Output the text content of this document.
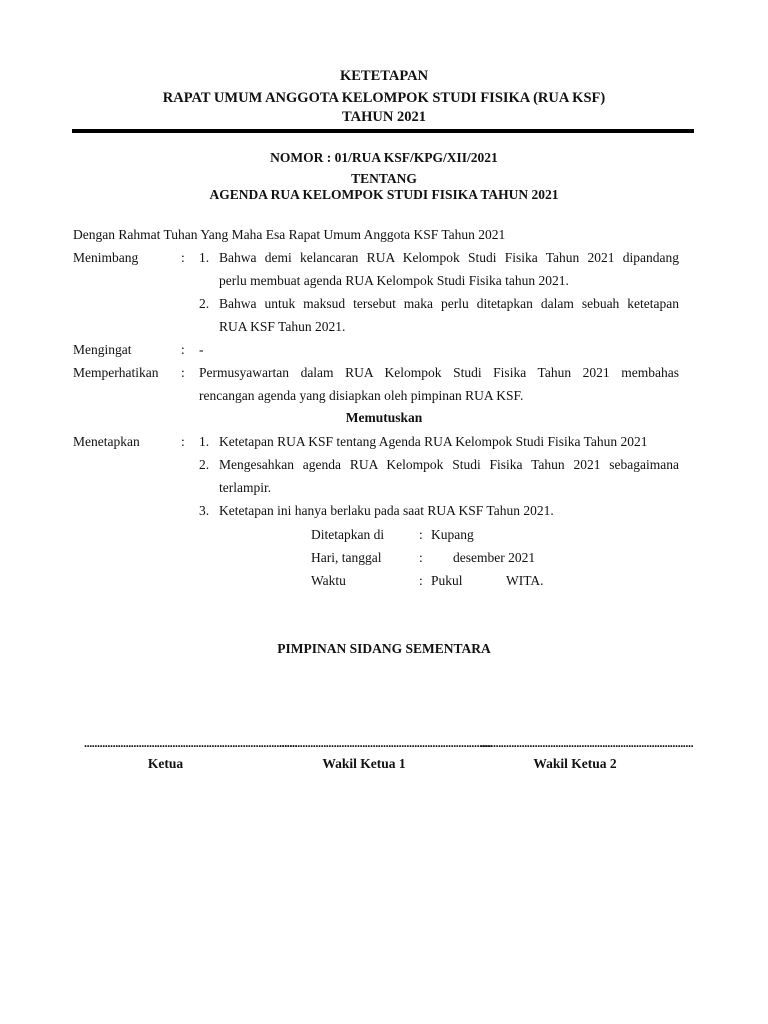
KETETAPAN
RAPAT UMUM ANGGOTA KELOMPOK STUDI FISIKA (RUA KSF)
TAHUN 2021
NOMOR : 01/RUA KSF/KPG/XII/2021
TENTANG
AGENDA RUA KELOMPOK STUDI FISIKA TAHUN 2021
Dengan Rahmat Tuhan Yang Maha Esa Rapat Umum Anggota KSF Tahun 2021
Menimbang	: 1. Bahwa demi kelancaran RUA Kelompok Studi Fisika Tahun 2021 dipandang
perlu membuat agenda RUA Kelompok Studi Fisika tahun 2021.
2. Bahwa untuk maksud tersebut maka perlu ditetapkan dalam sebuah ketetapan
RUA KSF Tahun 2021.
Mengingat	: -
Memperhatikan : Permusyawartan dalam RUA Kelompok Studi Fisika Tahun 2021 membahas
rencangan agenda yang disiapkan oleh pimpinan RUA KSF.
Memutuskan
Menetapkan	: 1. Ketetapan RUA KSF tentang Agenda RUA Kelompok Studi Fisika Tahun 2021
2. Mengesahkan agenda RUA Kelompok Studi Fisika Tahun 2021 sebagaimana
terlampir.
3. Ketetapan ini hanya berlaku pada saat RUA KSF Tahun 2021.
Ditetapkan di	: Kupang
Hari, tanggal	: desember 2021
Waktu	: Pukul	WITA.
PIMPINAN SIDANG SEMENTARA
..................................................................................
..................................................................................
..................................................................................
Ketua	Wakil Ketua 1	Wakil Ketua 2
